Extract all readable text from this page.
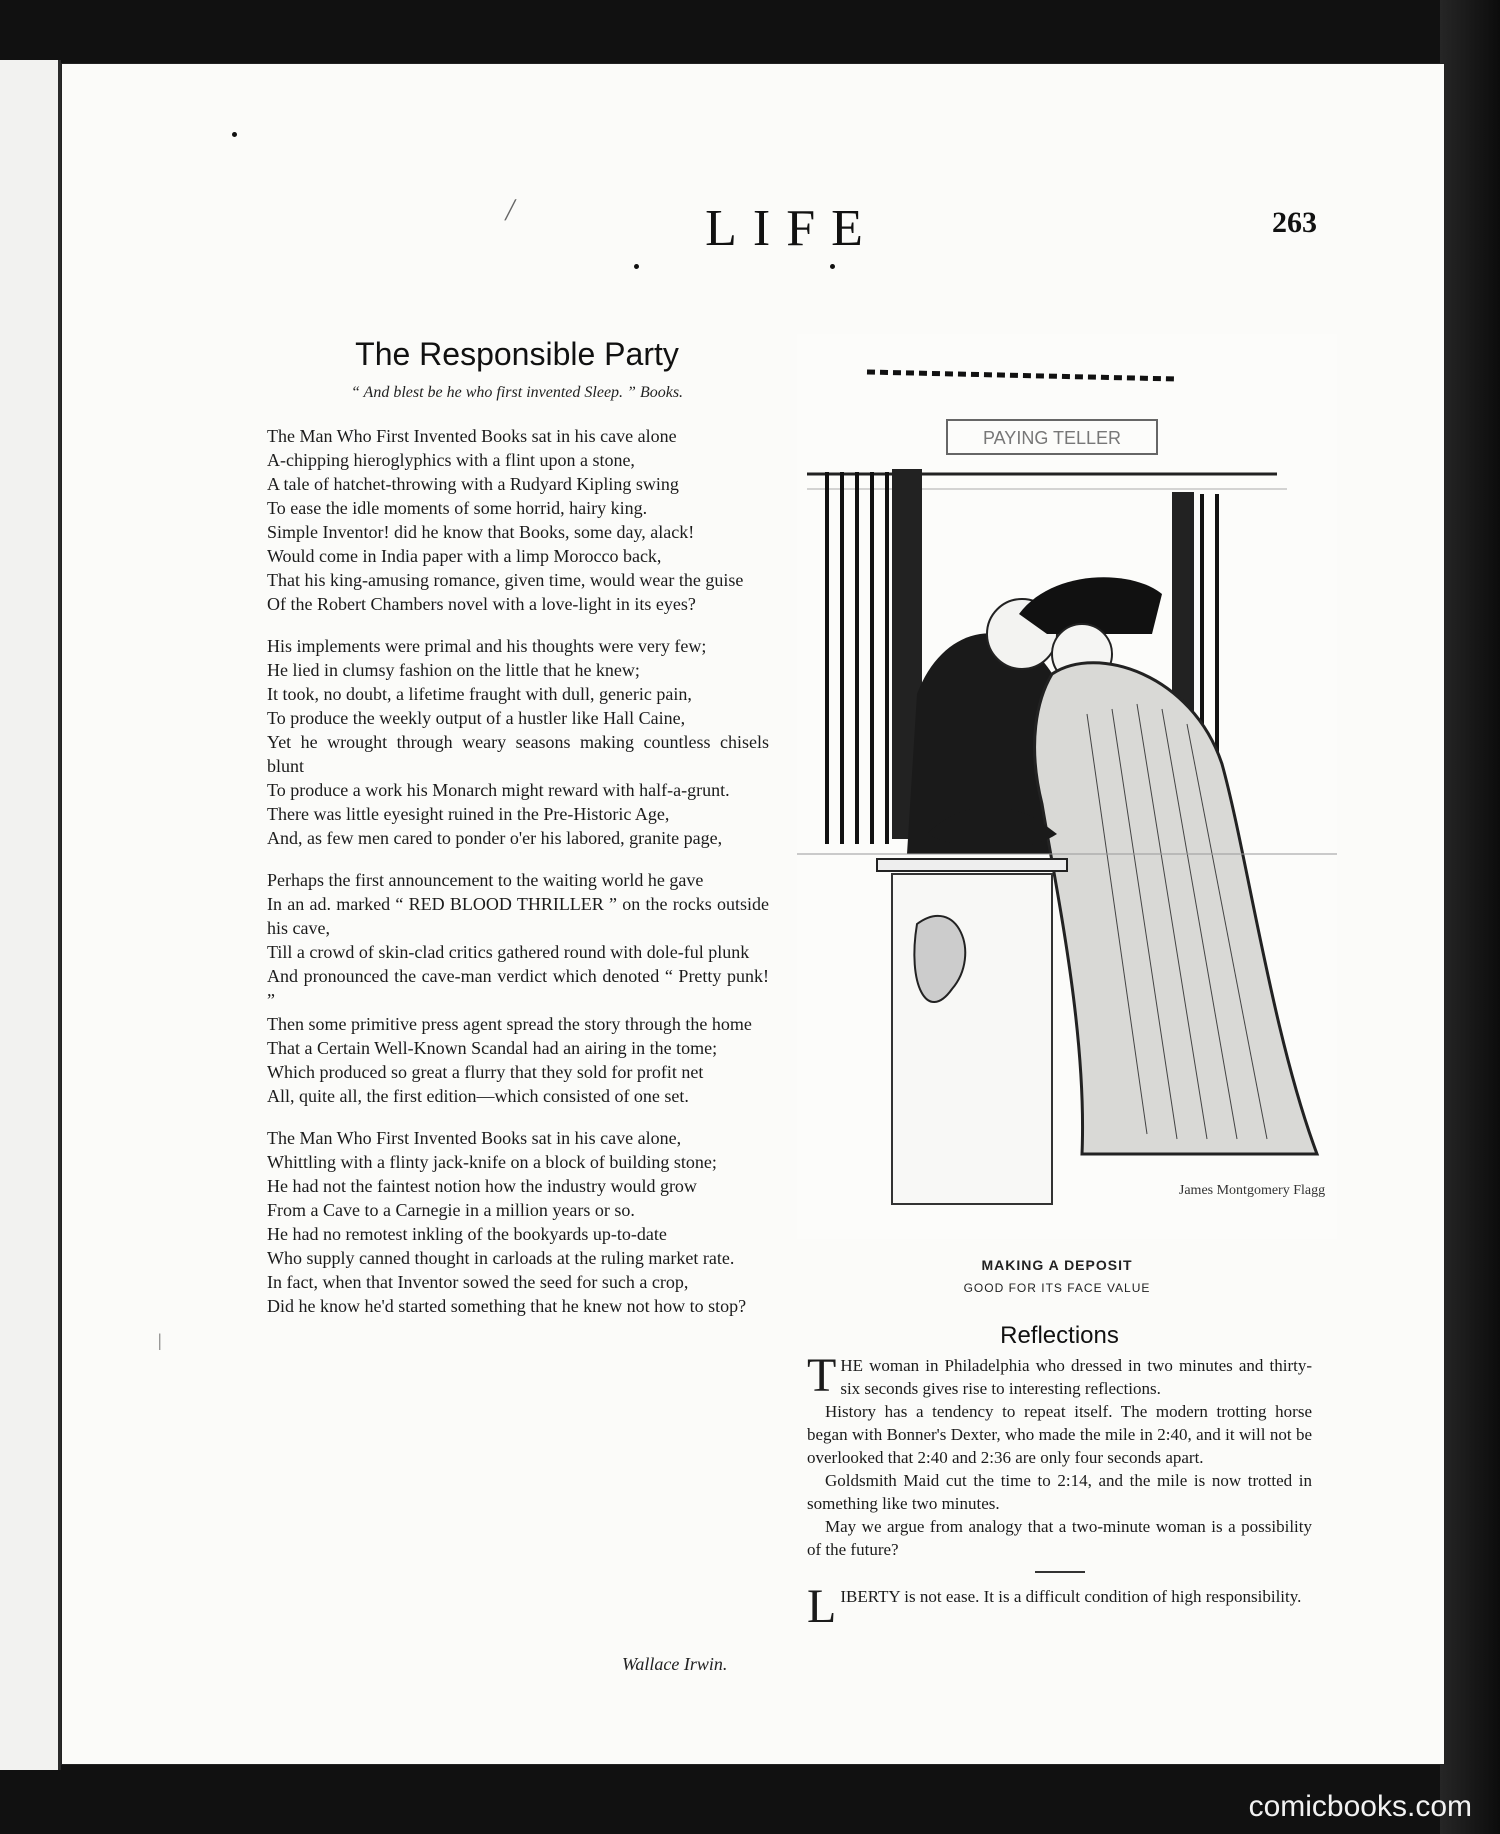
LIFE	263
The Responsible Party
“ And blest be he who first invented Sleep. ” Books.

The Man Who First Invented Books sat in his cave alone

A-chipping hieroglyphics with a flint upon a stone,

A tale of hatchet-throwing with a Rudyard Kipling swing

To ease the idle moments of some horrid, hairy king.

Simple Inventor! did he know that Books, some day, alack!

Would come in India paper with a limp Morocco back,

That his king-amusing romance, given time, would wear the guise

Of the Robert Chambers novel with a love-light in its eyes?

His implements were primal and his thoughts were very few;

He lied in clumsy fashion on the little that he knew;

It took, no doubt, a lifetime fraught with dull, generic pain,

To produce the weekly output of a hustler like Hall Caine,

Yet he wrought through weary seasons making countless chisels blunt

To produce a work his Monarch might reward with half-a-grunt.

There was little eyesight ruined in the Pre-Historic Age,

And, as few men cared to ponder o'er his labored, granite page,

Perhaps the first announcement to the waiting world he gave

In an ad. marked “ RED BLOOD THRILLER ” on the rocks outside his cave,

Till a crowd of skin-clad critics gathered round with dole-ful plunk

And pronounced the cave-man verdict which denoted “ Pretty punk! ”

Then some primitive press agent spread the story through the home

That a Certain Well-Known Scandal had an airing in the tome;

Which produced so great a flurry that they sold for profit net

All, quite all, the first edition—which consisted of one set.

The Man Who First Invented Books sat in his cave alone,

Whittling with a flinty jack-knife on a block of building stone;

He had not the faintest notion how the industry would grow

From a Cave to a Carnegie in a million years or so.

He had no remotest inkling of the bookyards up-to-date

Who supply canned thought in carloads at the ruling market rate.

In fact, when that Inventor sowed the seed for such a crop,

Did he know he'd started something that he knew not how to stop?

Wallace Irwin.
PAYING TELLER
James Montgomery Flagg
MAKING A DEPOSIT
GOOD FOR ITS FACE VALUE
Reflections

THE woman in Philadelphia who dressed in two minutes and thirty-six seconds gives rise to interesting reflections.

History has a tendency to repeat itself. The modern trotting horse began with Bonner's Dexter, who made the mile in 2:40, and it will not be overlooked that 2:40 and 2:36 are only four seconds apart.

Goldsmith Maid cut the time to 2:14, and the mile is now trotted in something like two minutes.

May we argue from analogy that a two-minute woman is a possibility of the future?

LIBERTY is not ease. It is a difficult condition of high responsibility.

╱
|
comicbooks.com
